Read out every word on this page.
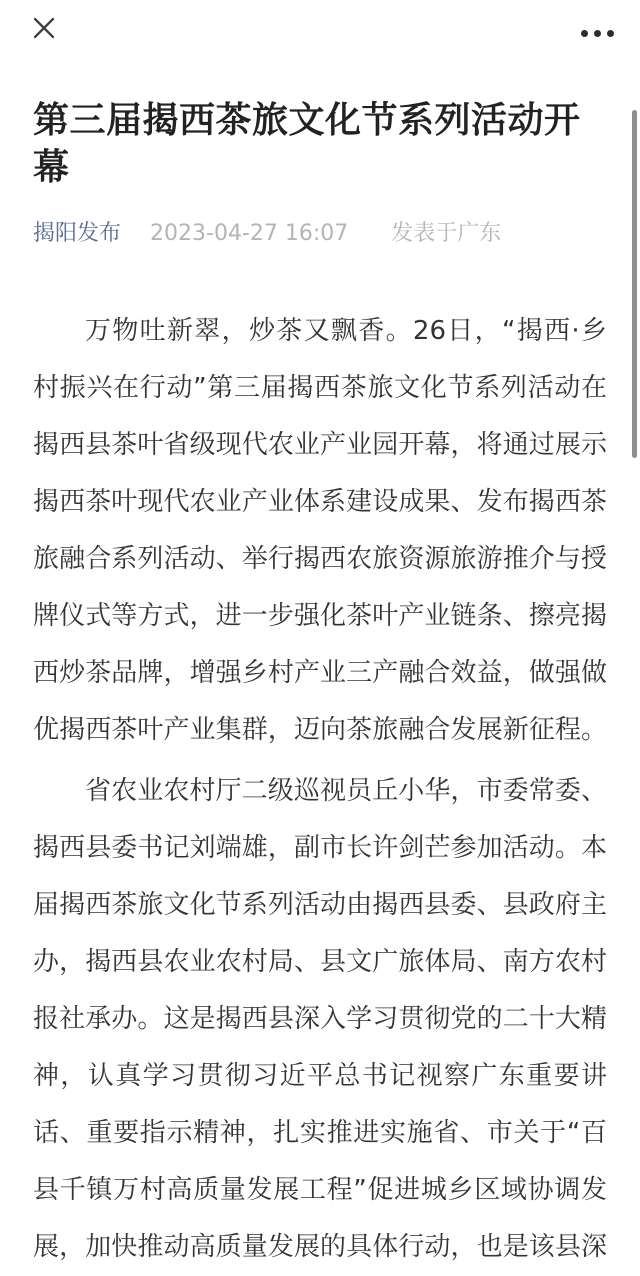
第三届揭西茶旅文化节系列活动开幕
揭阳发布 2023-04-27 16:07 发表于广东
万物吐新翠，炒茶又飘香。26日，“揭西·乡
村振兴在行动”第三届揭西茶旅文化节系列活动在
揭西县茶叶省级现代农业产业园开幕，将通过展示
揭西茶叶现代农业产业体系建设成果、发布揭西茶
旅融合系列活动、举行揭西农旅资源旅游推介与授
牌仪式等方式，进一步强化茶叶产业链条、擦亮揭
西炒茶品牌，增强乡村产业三产融合效益，做强做
优揭西茶叶产业集群，迈向茶旅融合发展新征程。
省农业农村厅二级巡视员丘小华，市委常委、
揭西县委书记刘端雄，副市长许剑芒参加活动。本
届揭西茶旅文化节系列活动由揭西县委、县政府主
办，揭西县农业农村局、县文广旅体局、南方农村
报社承办。这是揭西县深入学习贯彻党的二十大精
神，认真学习贯彻习近平总书记视察广东重要讲
话、重要指示精神，扎实推进实施省、市关于“百
县千镇万村高质量发展工程”促进城乡区域协调发
展，加快推动高质量发展的具体行动，也是该县深
